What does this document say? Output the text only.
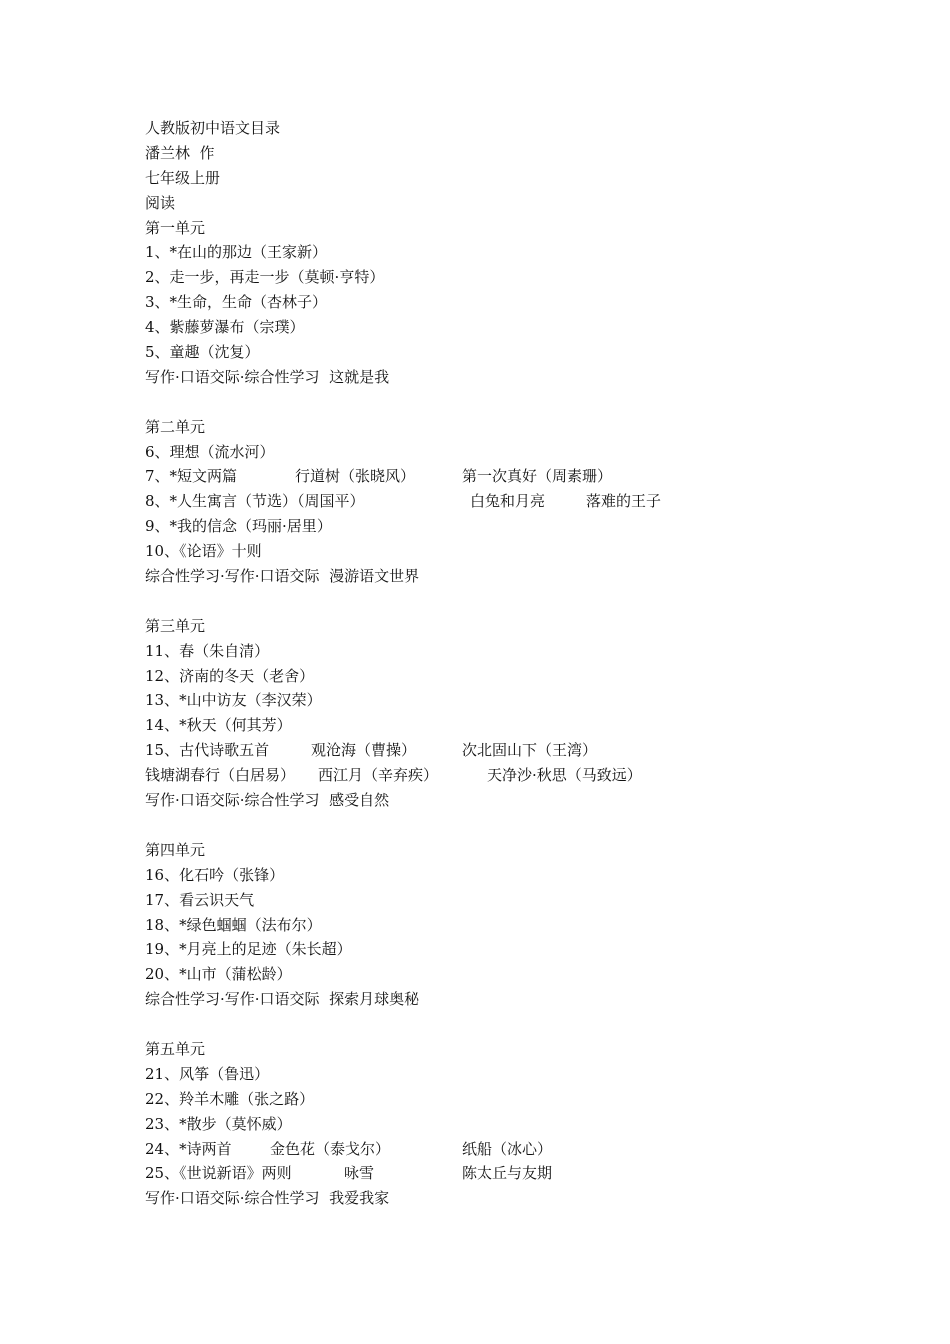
人教版初中语文目录
潘兰林  作
七年级上册
阅读
第一单元
1、*在山的那边（王家新）
2、走一步，再走一步（莫顿·亨特）
3、*生命，生命（杏林子）
4、紫藤萝瀑布（宗璞）
5、童趣（沈复）
写作·口语交际·综合性学习  这就是我
第二单元
6、理想（流水河）
7、*短文两篇	行道树（张晓风）	第一次真好（周素珊）
8、*人生寓言（节选）（周国平）	白兔和月亮	落难的王子
9、*我的信念（玛丽·居里）
10、《论语》十则
综合性学习·写作·口语交际  漫游语文世界
第三单元
11、春（朱自清）
12、济南的冬天（老舍）
13、*山中访友（李汉荣）
14、*秋天（何其芳）
15、古代诗歌五首	观沧海（曹操）	次北固山下（王湾）
钱塘湖春行（白居易） 西江月（辛弃疾）	天净沙·秋思（马致远）
写作·口语交际·综合性学习  感受自然
第四单元
16、化石吟（张锋）
17、看云识天气
18、*绿色蝈蝈（法布尔）
19、*月亮上的足迹（朱长超）
20、*山市（蒲松龄）
综合性学习·写作·口语交际  探索月球奥秘
第五单元
21、风筝（鲁迅）
22、羚羊木雕（张之路）
23、*散步（莫怀威）
24、*诗两首	金色花（泰戈尔）	纸船（冰心）
25、《世说新语》两则	咏雪	陈太丘与友期
写作·口语交际·综合性学习  我爱我家
